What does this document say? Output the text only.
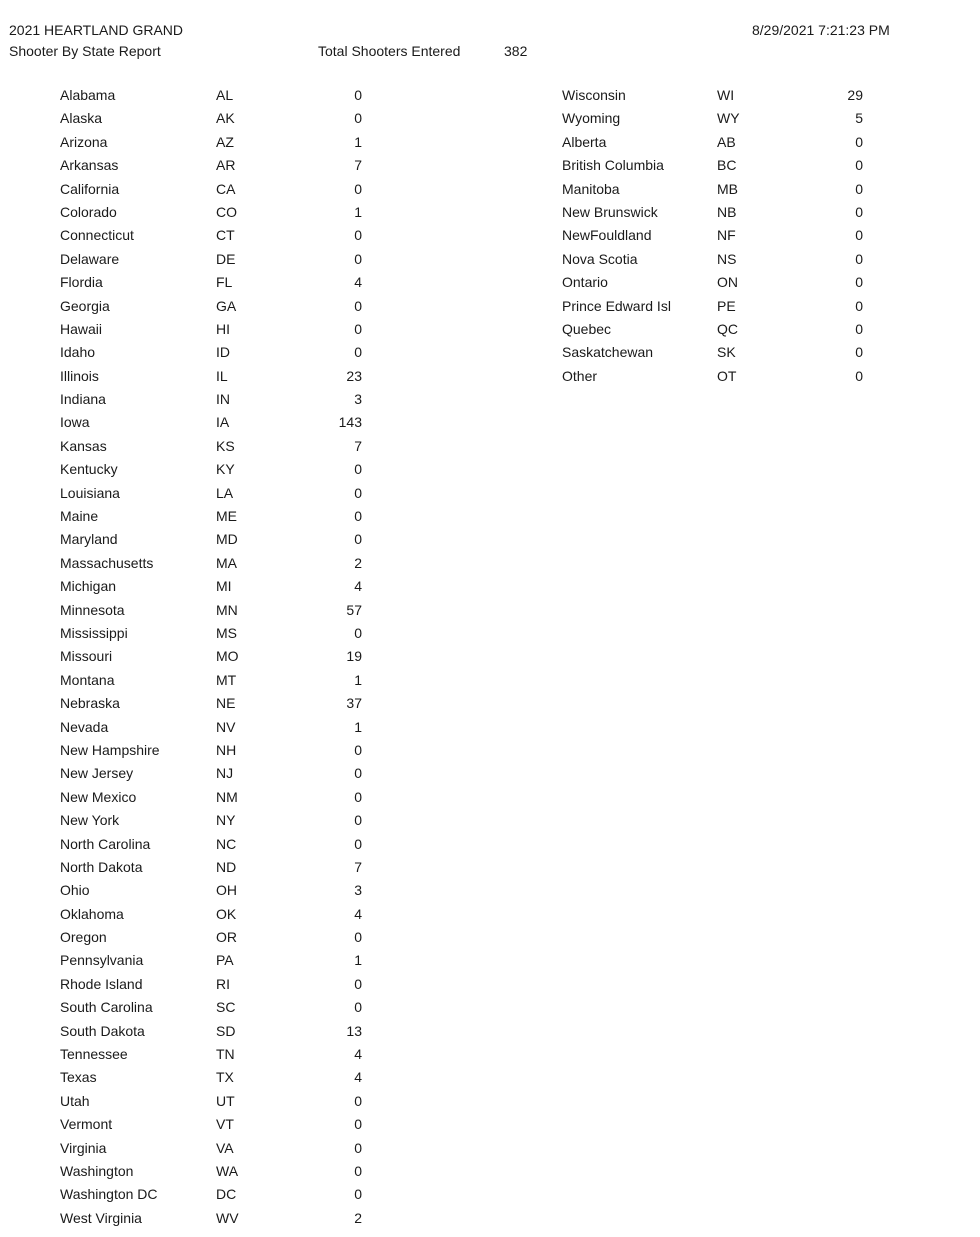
2021 HEARTLAND GRAND
Shooter By State Report	Total Shooters Entered	382
8/29/2021 7:21:23 PM
Alabama	AL	0
Alaska	AK	0
Arizona	AZ	1
Arkansas	AR	7
California	CA	0
Colorado	CO	1
Connecticut	CT	0
Delaware	DE	0
Flordia	FL	4
Georgia	GA	0
Hawaii	HI	0
Idaho	ID	0
Illinois	IL	23
Indiana	IN	3
Iowa	IA	143
Kansas	KS	7
Kentucky	KY	0
Louisiana	LA	0
Maine	ME	0
Maryland	MD	0
Massachusetts	MA	2
Michigan	MI	4
Minnesota	MN	57
Mississippi	MS	0
Missouri	MO	19
Montana	MT	1
Nebraska	NE	37
Nevada	NV	1
New Hampshire	NH	0
New Jersey	NJ	0
New Mexico	NM	0
New York	NY	0
North Carolina	NC	0
North Dakota	ND	7
Ohio	OH	3
Oklahoma	OK	4
Oregon	OR	0
Pennsylvania	PA	1
Rhode Island	RI	0
South Carolina	SC	0
South Dakota	SD	13
Tennessee	TN	4
Texas	TX	4
Utah	UT	0
Vermont	VT	0
Virginia	VA	0
Washington	WA	0
Washington DC	DC	0
West Virginia	WV	2
Wisconsin	WI	29
Wyoming	WY	5
Alberta	AB	0
British Columbia	BC	0
Manitoba	MB	0
New Brunswick	NB	0
NewFouldland	NF	0
Nova Scotia	NS	0
Ontario	ON	0
Prince Edward Isl	PE	0
Quebec	QC	0
Saskatchewan	SK	0
Other	OT	0
